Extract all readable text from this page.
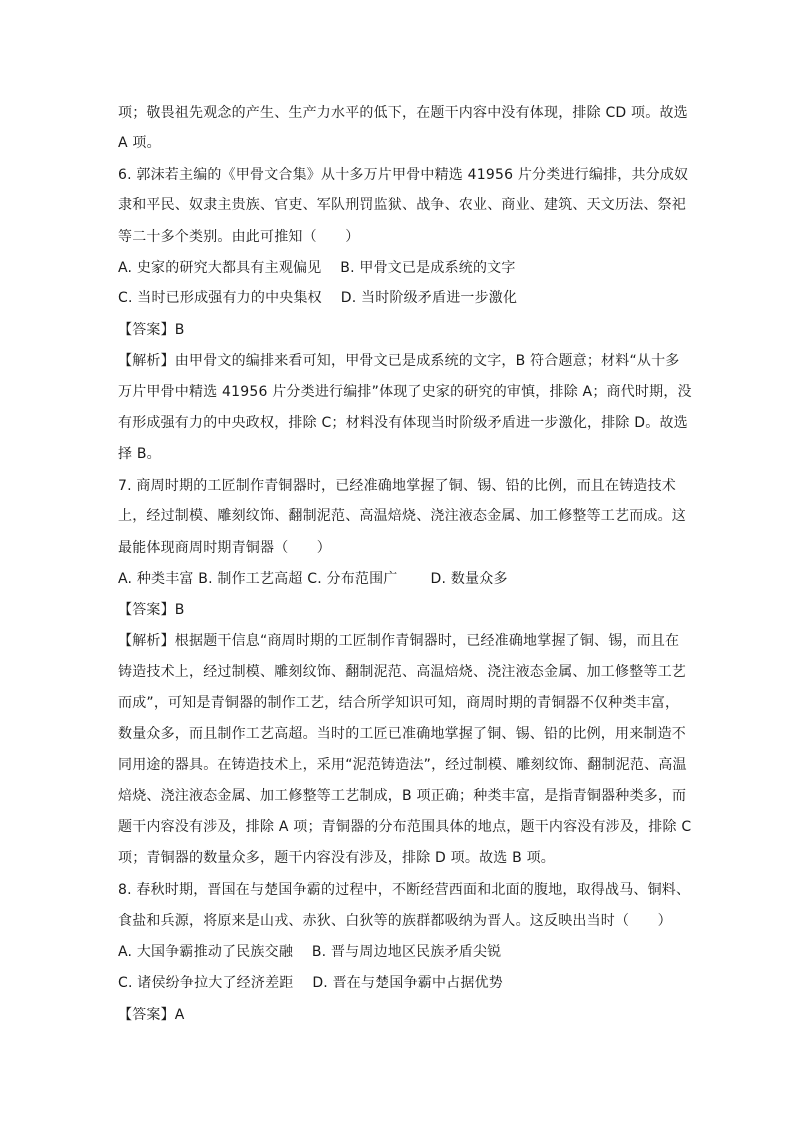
项；敬畏祖先观念的产生、生产力水平的低下，在题干内容中没有体现，排除 CD 项。故选
A 项。
6. 郭沫若主编的《甲骨文合集》从十多万片甲骨中精选 41956 片分类进行编排，共分成奴
隶和平民、奴隶主贵族、官吏、军队刑罚监狱、战争、农业、商业、建筑、天文历法、祭祀
等二十多个类别。由此可推知（　　）
A. 史家的研究大都具有主观偏见　 B. 甲骨文已是成系统的文字
C. 当时已形成强有力的中央集权　 D. 当时阶级矛盾进一步激化
【答案】B
【解析】由甲骨文的编排来看可知，甲骨文已是成系统的文字，B 符合题意；材料“从十多
万片甲骨中精选 41956 片分类进行编排”体现了史家的研究的审慎，排除 A；商代时期，没
有形成强有力的中央政权，排除 C；材料没有体现当时阶级矛盾进一步激化，排除 D。故选
择 B。
7. 商周时期的工匠制作青铜器时，已经准确地掌握了铜、锡、铅的比例，而且在铸造技术
上，经过制模、雕刻纹饰、翻制泥范、高温焙烧、浇注液态金属、加工修整等工艺而成。这
最能体现商周时期青铜器（　　）
A. 种类丰富 B. 制作工艺高超 C. 分布范围广　　 D. 数量众多
【答案】B
【解析】根据题干信息“商周时期的工匠制作青铜器时，已经准确地掌握了铜、锡，而且在
铸造技术上，经过制模、雕刻纹饰、翻制泥范、高温焙烧、浇注液态金属、加工修整等工艺
而成”，可知是青铜器的制作工艺，结合所学知识可知，商周时期的青铜器不仅种类丰富，
数量众多，而且制作工艺高超。当时的工匠已准确地掌握了铜、锡、铅的比例，用来制造不
同用途的器具。在铸造技术上，采用“泥范铸造法”，经过制模、雕刻纹饰、翻制泥范、高温
焙烧、浇注液态金属、加工修整等工艺制成，B 项正确；种类丰富，是指青铜器种类多，而
题干内容没有涉及，排除 A 项；青铜器的分布范围具体的地点，题干内容没有涉及，排除 C
项；青铜器的数量众多，题干内容没有涉及，排除 D 项。故选 B 项。
8. 春秋时期，晋国在与楚国争霸的过程中，不断经营西面和北面的腹地，取得战马、铜料、
食盐和兵源，将原来是山戎、赤狄、白狄等的族群都吸纳为晋人。这反映出当时（　　）
A. 大国争霸推动了民族交融　 B. 晋与周边地区民族矛盾尖锐
C. 诸侯纷争拉大了经济差距　 D. 晋在与楚国争霸中占据优势
【答案】A
